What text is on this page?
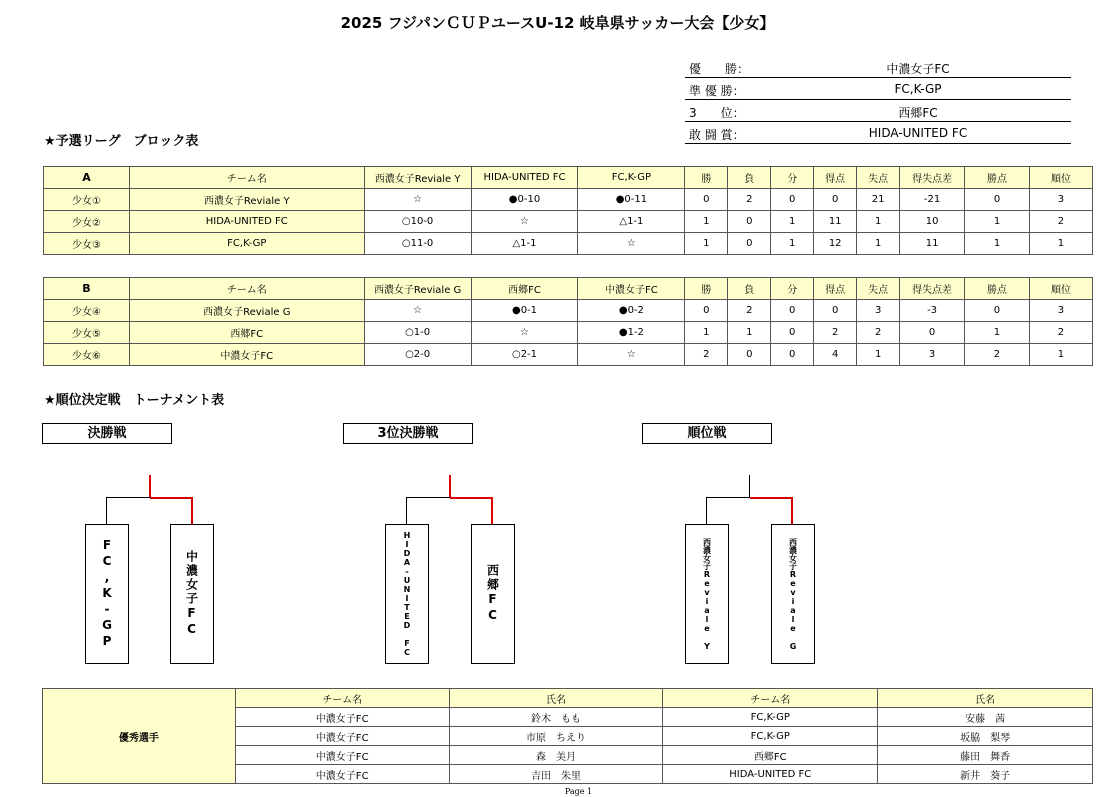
2025 フジパンＣＵＰユースU-12 岐阜県サッカー大会【少女】
優　　勝：	中濃女子FC
準 優 勝：	FC,K-GP
3　　位：	西郷FC
敢 闘 賞：	HIDA-UNITED FC
★予選リーグ　ブロック表
A	チーム名	西濃女子Reviale Y	HIDA-UNITED FC	FC,K-GP	勝	負	分	得点	失点	得失点差	勝点	順位
少女①	西濃女子Reviale Y	☆	●0-10	●0-11	0	2	0	0	21	-21	0	3
少女②	HIDA-UNITED FC	○10-0	☆	△1-1	1	0	1	11	1	10	1	2
少女③	FC,K-GP	○11-0	△1-1	☆	1	0	1	12	1	11	1	1
B	チーム名	西濃女子Reviale G	西郷FC	中濃女子FC	勝	負	分	得点	失点	得失点差	勝点	順位
少女④	西濃女子Reviale G	☆	●0-1	●0-2	0	2	0	0	3	-3	0	3
少女⑤	西郷FC	○1-0	☆	●1-2	1	1	0	2	2	0	1	2
少女⑥	中濃女子FC	○2-0	○2-1	☆	2	0	0	4	1	3	2	1
★順位決定戦　トーナメント表
決勝戦
FC,K-GP	中濃女子FC
3位決勝戦
HIDA-UNITED FC	西郷FC
順位戦
西濃女子Reviale Y	西濃女子Reviale G
優秀選手	チーム名	氏名	チーム名	氏名
	中濃女子FC	鈴木　もも	FC,K-GP	安藤　茜
	中濃女子FC	市原　ちえり	FC,K-GP	坂脇　梨琴
	中濃女子FC	森　美月	西郷FC	藤田　舞香
	中濃女子FC	吉田　朱里	HIDA-UNITED FC	新井　葵子
Page 1
